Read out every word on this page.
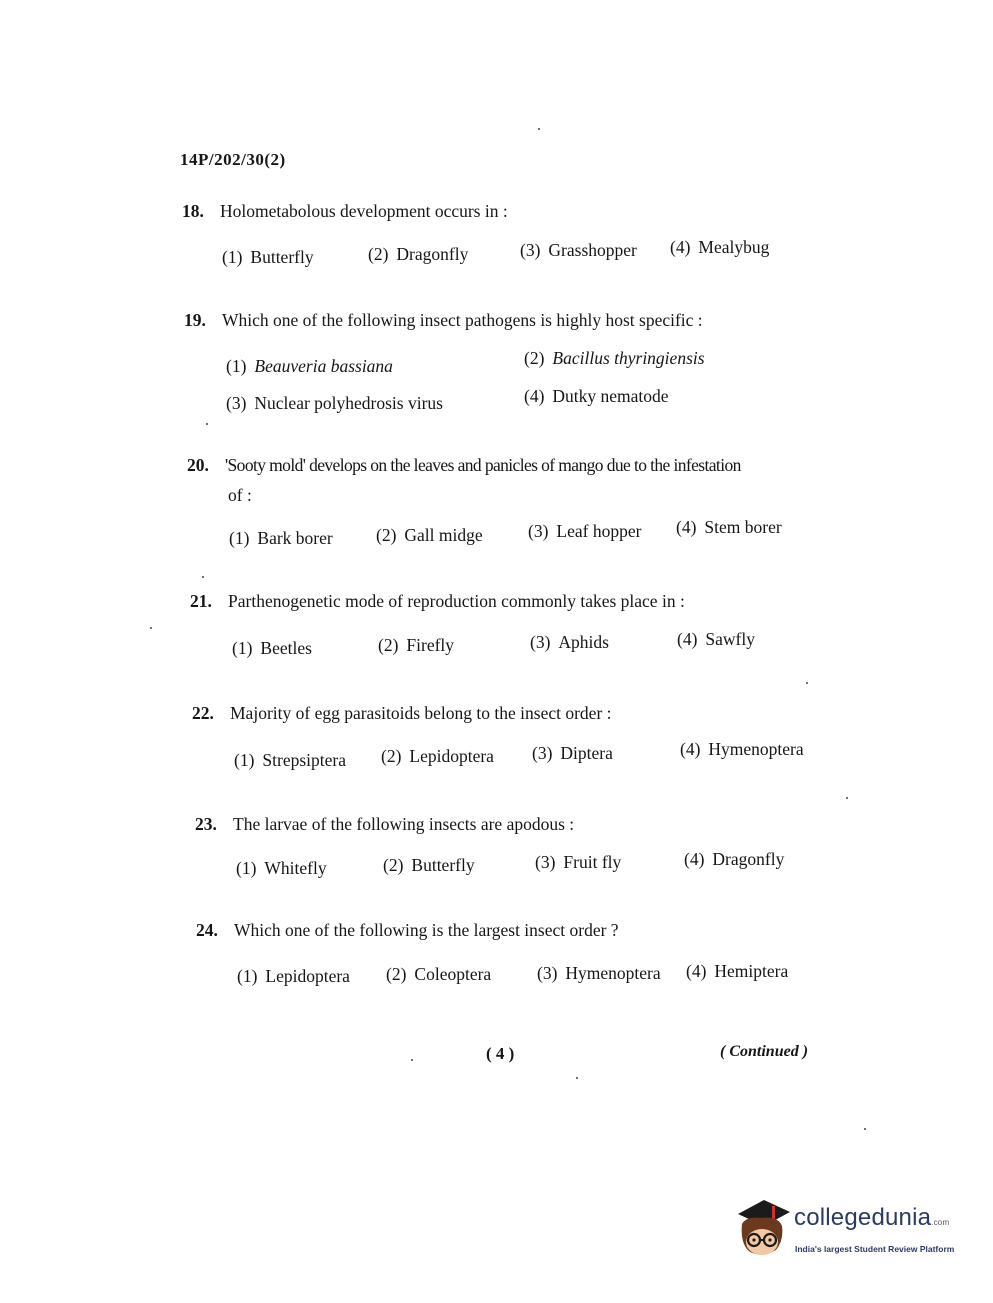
14P/202/30(2)
18. Holometabolous development occurs in :
(1) Butterfly	(2) Dragonfly	(3) Grasshopper (4) Mealybug
19. Which one of the following insect pathogens is highly host specific :
(1) Beauveria bassiana	(2) Bacillus thyringiensis
(3) Nuclear polyhedrosis virus	(4) Dutky nematode
20. 'Sooty mold' develops on the leaves and panicles of mango due to the infestation
of :
(1) Bark borer (2) Gall midge	(3) Leaf hopper (4) Stem borer
21. Parthenogenetic mode of reproduction commonly takes place in :
(1) Beetles	(2) Firefly	(3) Aphids	(4) Sawfly
22. Majority of egg parasitoids belong to the insect order :
(1) Strepsiptera (2) Lepidoptera (3) Diptera	(4) Hymenoptera
23. The larvae of the following insects are apodous :
(1) Whitefly	(2) Butterfly	(3) Fruit fly	(4) Dragonfly
24. Which one of the following is the largest insect order ?
(1) Lepidoptera (2) Coleoptera	(3) Hymenoptera (4) Hemiptera
( 4 )	( Continued )
collegedunia.com
India's largest Student Review Platform
